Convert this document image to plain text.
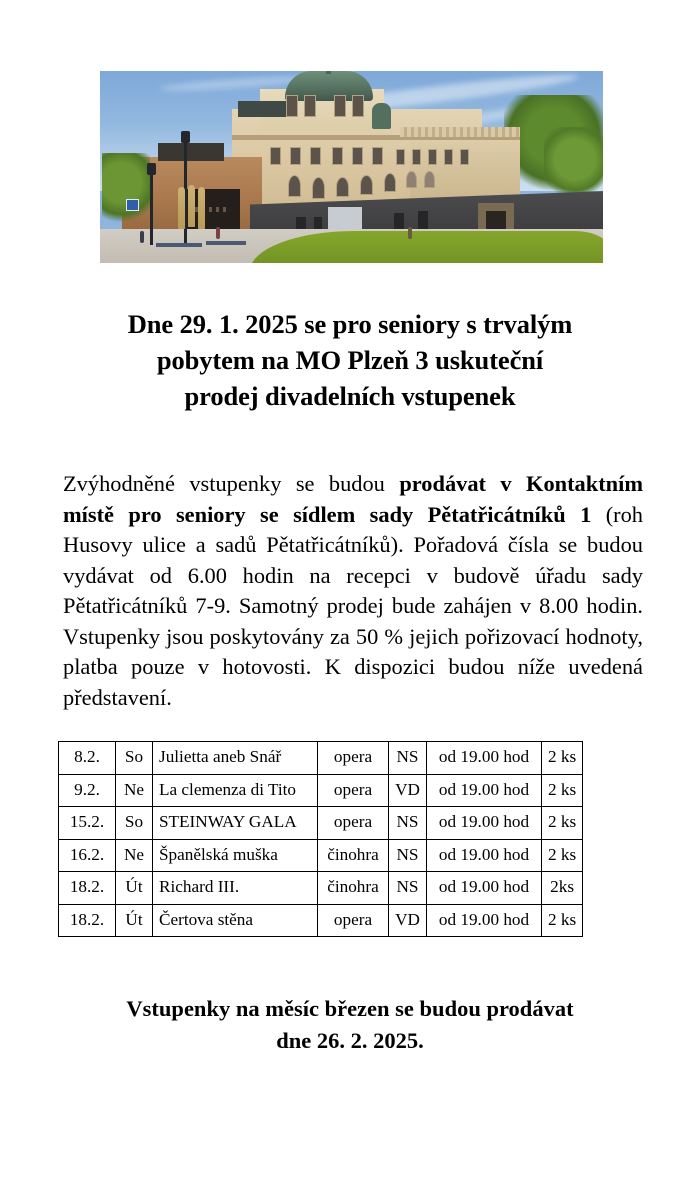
Dne 29. 1. 2025 se pro seniory s trvalým
pobytem na MO Plzeň 3 uskuteční
prodej divadelních vstupenek

Zvýhodněné vstupenky se budou prodávat v Kontaktním místě pro seniory se sídlem sady Pětatřicátníků 1 (roh Husovy ulice a sadů Pětatřicátníků). Pořadová čísla se budou vydávat od 6.00 hodin na recepci v budově úřadu sady Pětatřicátníků 7-9. Samotný prodej bude zahájen v 8.00 hodin. Vstupenky jsou poskytovány za 50 % jejich pořizovací hodnoty, platba pouze v hotovosti. K dispozici budou níže uvedená představení.

8.2.	So	Julietta aneb Snář	opera	NS	od 19.00 hod	2 ks
9.2.	Ne	La clemenza di Tito	opera	VD	od 19.00 hod	2 ks
15.2.	So	STEINWAY GALA	opera	NS	od 19.00 hod	2 ks
16.2.	Ne	Španělská muška	činohra	NS	od 19.00 hod	2 ks
18.2.	Út	Richard III.	činohra	NS	od 19.00 hod	2ks
18.2.	Út	Čertova stěna	opera	VD	od 19.00 hod	2 ks
Vstupenky na měsíc březen se budou prodávat
dne 26. 2. 2025.
